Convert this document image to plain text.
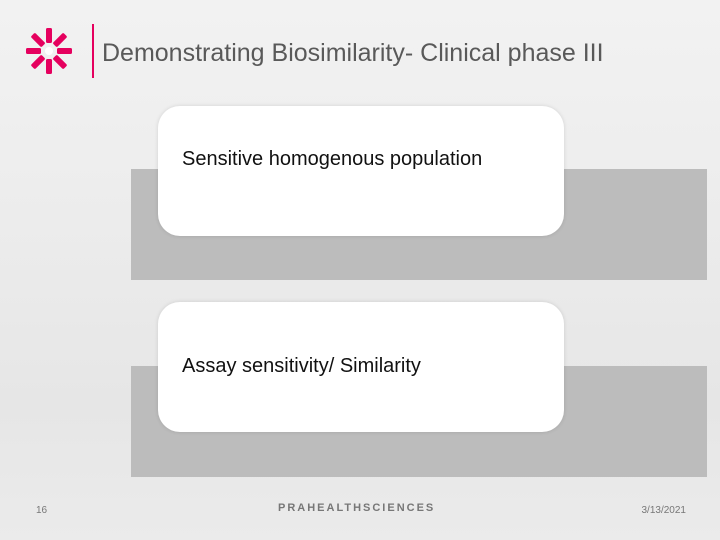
Demonstrating Biosimilarity- Clinical phase III
Sensitive homogenous population
Assay sensitivity/ Similarity
16	PRAHEALTHSCIENCES	3/13/2021
